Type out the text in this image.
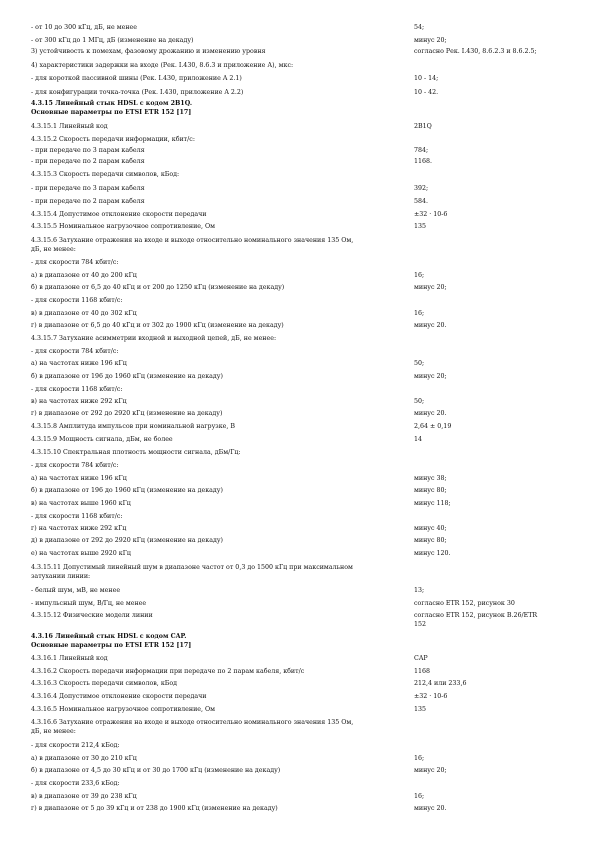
- от 10 до 300 кГц, дБ, не менее	54;
- от 300 кГц до 1 МГц, дБ (изменение на декаду)	минус 20;
3) устойчивость к помехам, фазовому дрожанию и изменению уровня	согласно Рек. I.430, 8.6.2.3 и 8.6.2.5;
4) характеристики задержки на входе (Рек. I.430, 8.6.3 и приложение А), мкс:
- для короткой пассивной шины (Рек. I.430, приложение A 2.1)	10 - 14;
- для конфигурации точка-точка (Рек. I.430, приложение A 2.2)	10 - 42.
4.3.15 Линейный стык HDSL с кодом 2B1Q.
Основные параметры по ETSI ETR 152 [17]
4.3.15.1 Линейный код	2B1Q
4.3.15.2 Скорость передачи информации, кбит/с:
- при передаче по 3 парам кабеля	784;
- при передаче по 2 парам кабеля	1168.
4.3.15.3 Скорость передачи символов, кБод:
- при передаче по 3 парам кабеля	392;
- при передаче по 2 парам кабеля	584.
4.3.15.4 Допустимое отклонение скорости передачи	±32 · 10-6
4.3.15.5 Номинальное нагрузочное сопротивление, Ом	135
4.3.15.6 Затухание отражения на входе и выходе относительно номинального значения 135 Ом,
дБ, не менее:
- для скорости 784 кбит/с:
а) в диапазоне от 40 до 200 кГц	16;
б) в диапазоне от 6,5 до 40 кГц и от 200 до 1250 кГц (изменение на декаду)	минус 20;
- для скорости 1168 кбит/с:
в) в диапазоне от 40 до 302 кГц	16;
г) в диапазоне от 6,5 до 40 кГц и от 302 до 1900 кГц (изменение на декаду)	минус 20.
4.3.15.7 Затухание асимметрии входной и выходной цепей, дБ, не менее:
- для скорости 784 кбит/с:
а) на частотах ниже 196 кГц	50;
б) в диапазоне от 196 до 1960 кГц (изменение на декаду)	минус 20;
- для скорости 1168 кбит/с:
в) на частотах ниже 292 кГц	50;
г) в диапазоне от 292 до 2920 кГц (изменение на декаду)	минус 20.
4.3.15.8 Амплитуда импульсов при номинальной нагрузке, В	2,64 ± 0,19
4.3.15.9 Мощность сигнала, дБм, не более	14
4.3.15.10 Спектральная плотность мощности сигнала, дБм/Гц:
- для скорости 784 кбит/с:
а) на частотах ниже 196 кГц	минус 38;
б) в диапазоне от 196 до 1960 кГц (изменение на декаду)	минус 80;
в) на частотах выше 1960 кГц	минус 118;
- для скорости 1168 кбит/с:
г) на частотах ниже 292 кГц	минус 40;
д) в диапазоне от 292 до 2920 кГц (изменение на декаду)	минус 80;
е) на частотах выше 2920 кГц	минус 120.
4.3.15.11 Допустимый линейный шум в диапазоне частот от 0,3 до 1500 кГц при максимальном
затухании линии:
- белый шум, мВ, не менее	13;
- импульсный шум, В/Гц, не менее	согласно ETR 152, рисунок 30
4.3.15.12 Физические модели линии	согласно ETR 152, рисунок B.26/ETR
152
4.3.16 Линейный стык HDSL с кодом CAP.
Основные параметры по ETSI ETR 152 [17]
4.3.16.1 Линейный код	CAP
4.3.16.2 Скорость передачи информации при передаче по 2 парам кабеля, кбит/с	1168
4.3.16.3 Скорость передачи символов, кБод	212,4 или 233,6
4.3.16.4 Допустимое отклонение скорости передачи	±32 · 10-6
4.3.16.5 Номинальное нагрузочное сопротивление, Ом	135
4.3.16.6 Затухание отражения на входе и выходе относительно номинального значения 135 Ом,
дБ, не менее:
- для скорости 212,4 кБод:
а) в диапазоне от 30 до 210 кГц	16;
б) в диапазоне от 4,5 до 30 кГц и от 30 до 1700 кГц (изменение на декаду)	минус 20;
- для скорости 233,6 кБод:
в) в диапазоне от 39 до 238 кГц	16;
г) в диапазоне от 5 до 39 кГц и от 238 до 1900 кГц (изменение на декаду)	минус 20.
